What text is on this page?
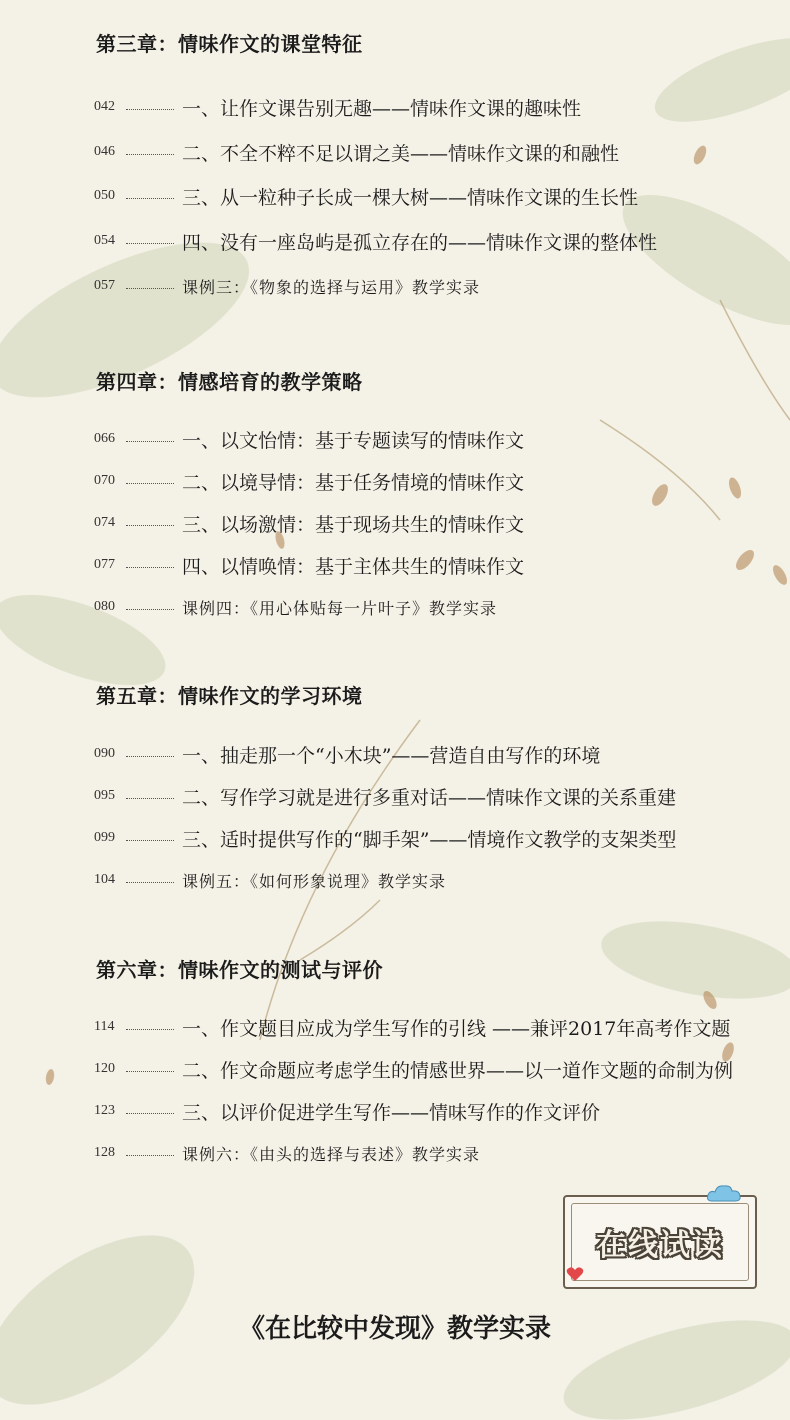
第三章：情味作文的课堂特征
042	一、让作文课告别无趣——情味作文课的趣味性
046	二、不全不粹不足以谓之美——情味作文课的和融性
050	三、从一粒种子长成一棵大树——情味作文课的生长性
054	四、没有一座岛屿是孤立存在的——情味作文课的整体性
057	课例三：《物象的选择与运用》教学实录
第四章：情感培育的教学策略
066	一、以文怡情：基于专题读写的情味作文
070	二、以境导情：基于任务情境的情味作文
074	三、以场激情：基于现场共生的情味作文
077	四、以情唤情：基于主体共生的情味作文
080	课例四：《用心体贴每一片叶子》教学实录
第五章：情味作文的学习环境
090	一、抽走那一个“小木块”——营造自由写作的环境
095	二、写作学习就是进行多重对话——情味作文课的关系重建
099	三、适时提供写作的“脚手架”——情境作文教学的支架类型
104	课例五：《如何形象说理》教学实录
第六章：情味作文的测试与评价
114	一、作文题目应成为学生写作的引线 ——兼评2017年高考作文题
120	二、作文命题应考虑学生的情感世界——以一道作文题的命制为例
123	三、以评价促进学生写作——情味写作的作文评价
128	课例六：《由头的选择与表述》教学实录
在线试读
《在比较中发现》教学实录
